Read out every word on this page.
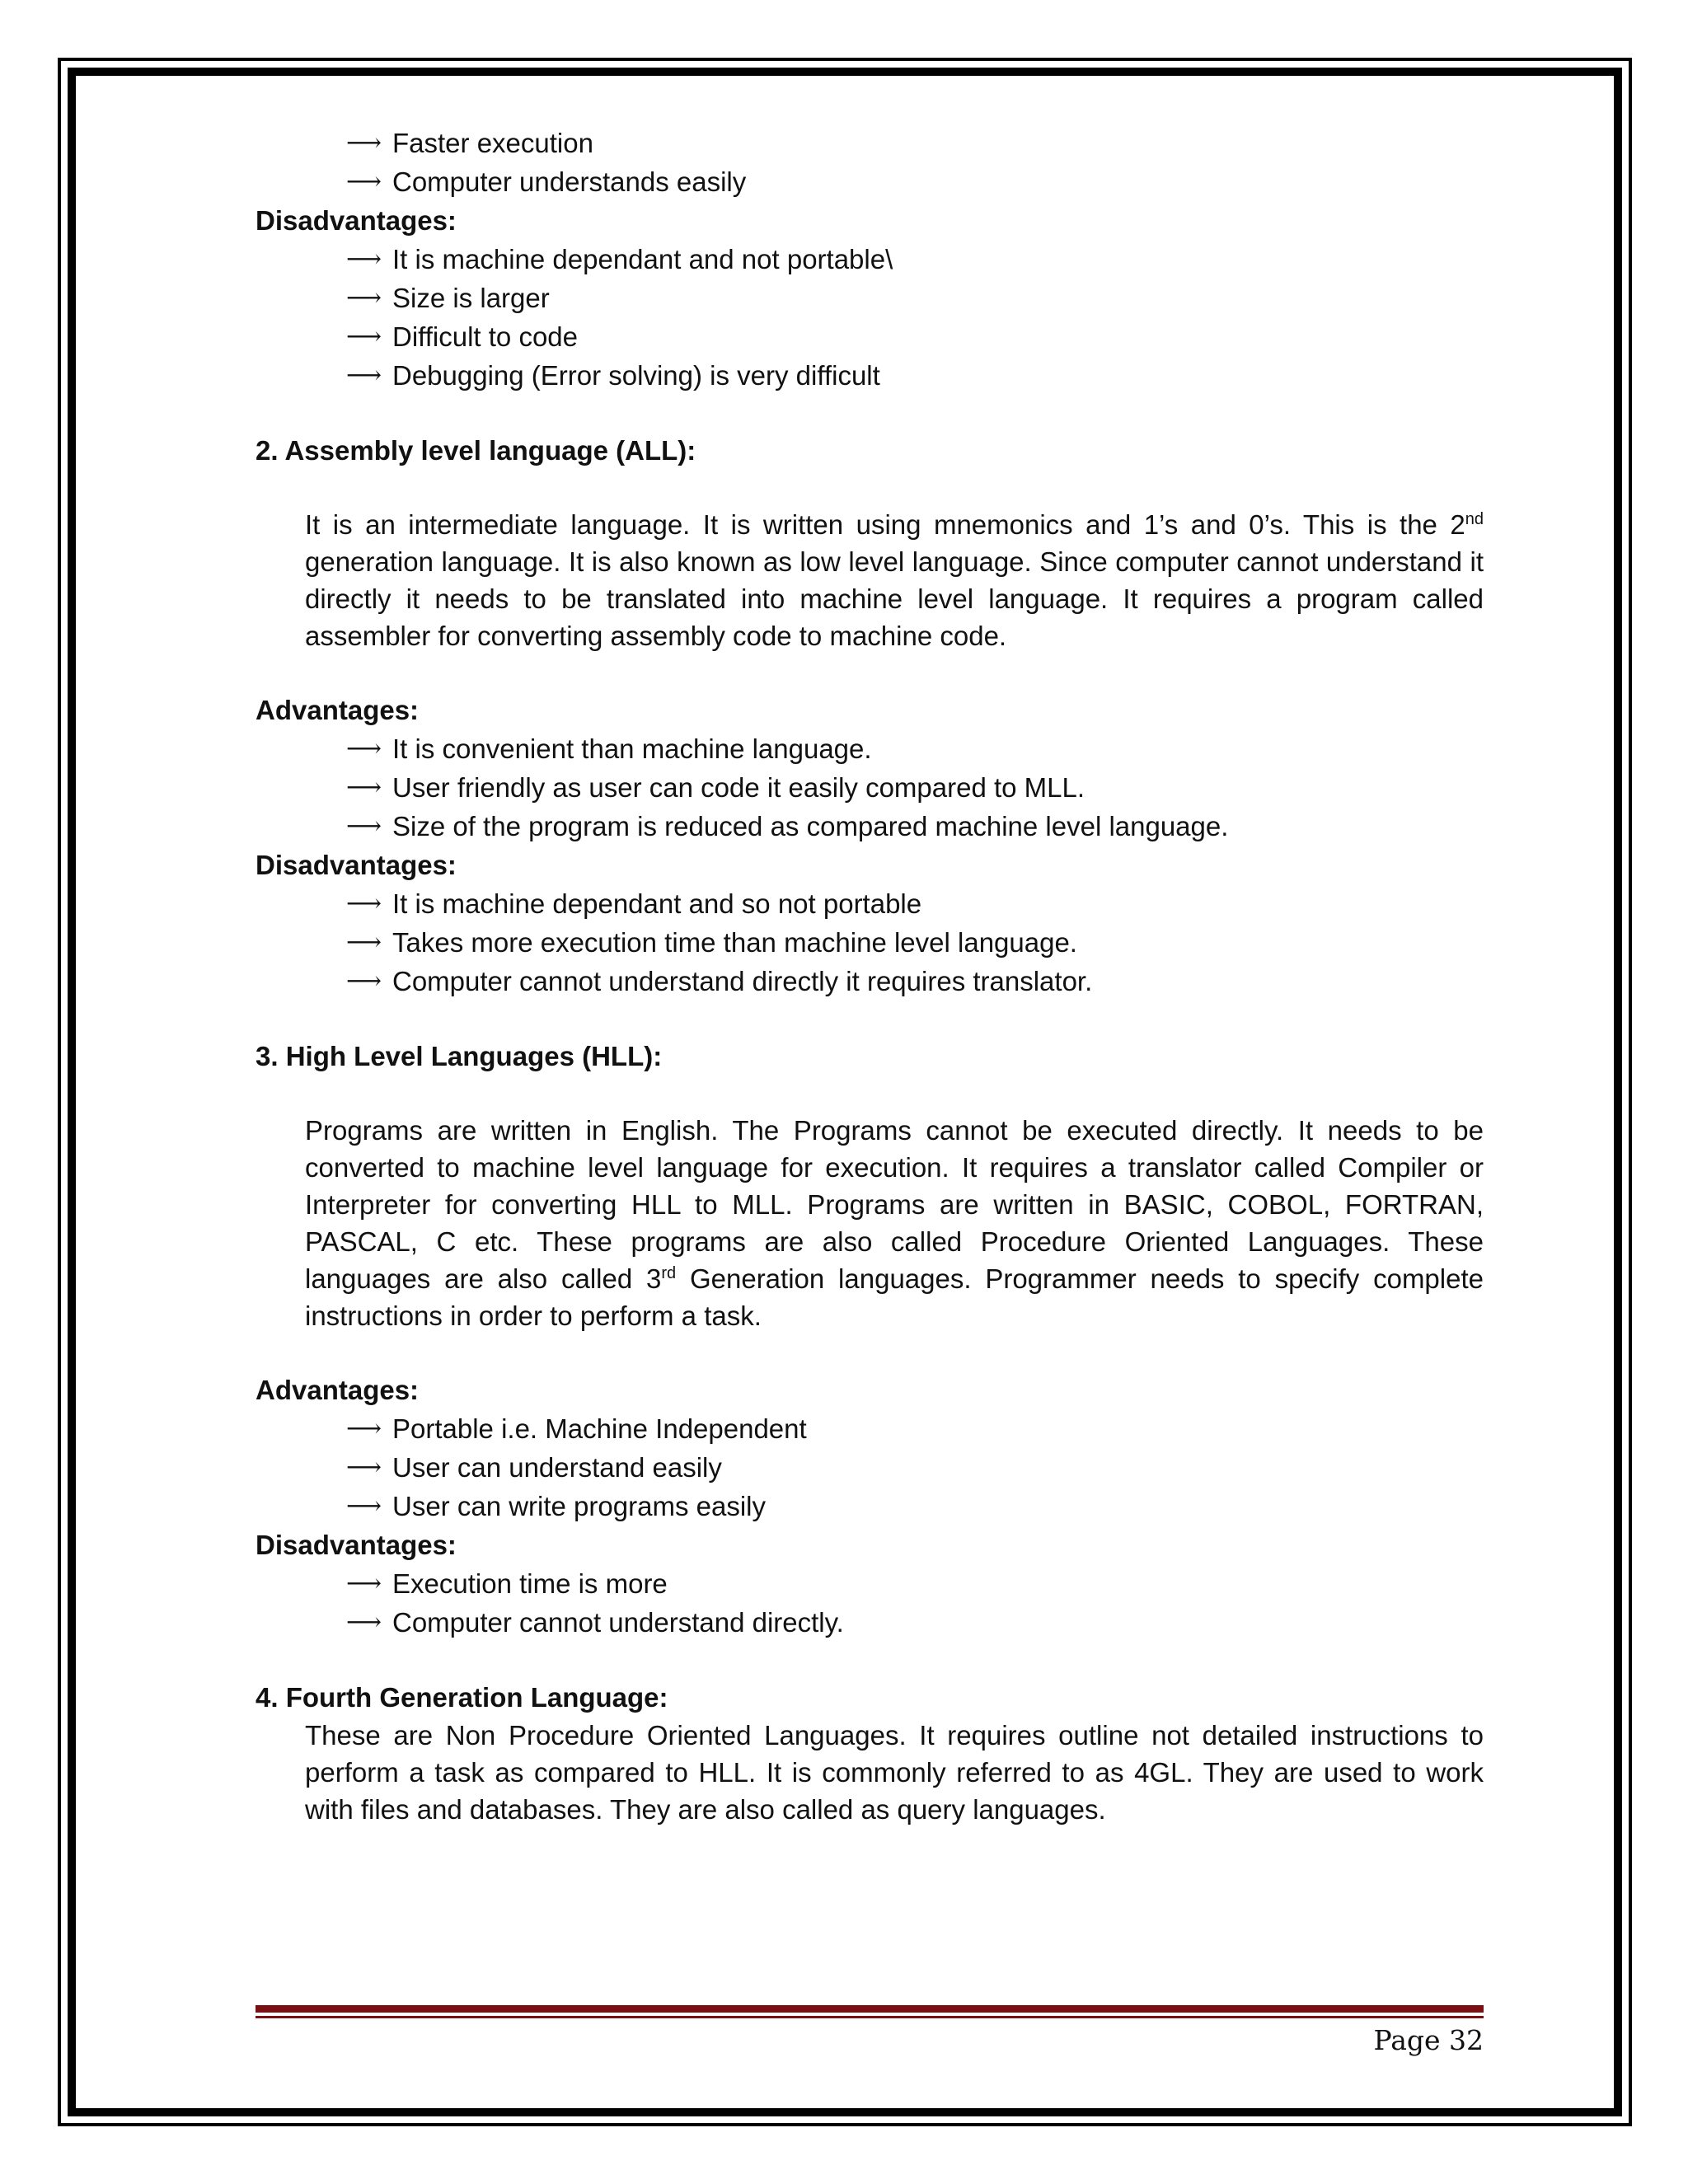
⟶ Faster execution
⟶ Computer understands easily

Disadvantages:

⟶ It is machine dependant and not portable\
⟶ Size is larger
⟶ Difficult to code
⟶ Debugging (Error solving) is very difficult

2. Assembly level language (ALL):

It is an intermediate language. It is written using mnemonics and 1’s and 0’s. This is the 2nd generation language. It is also known as low level language. Since computer cannot understand it directly it needs to be translated into machine level language. It requires a program called assembler for converting assembly code to machine code.

Advantages:

⟶ It is convenient than machine language.
⟶ User friendly as user can code it easily compared to MLL.
⟶ Size of the program is reduced as compared machine level language.

Disadvantages:

⟶ It is machine dependant and so not portable
⟶ Takes more execution time than machine level language.
⟶ Computer cannot understand directly it requires translator.

3. High Level Languages (HLL):

Programs are written in English. The Programs cannot be executed directly. It needs to be converted to machine level language for execution. It requires a translator called Compiler or Interpreter for converting HLL to MLL. Programs are written in BASIC, COBOL, FORTRAN, PASCAL, C etc. These programs are also called Procedure Oriented Languages. These languages are also called 3rd Generation languages. Programmer needs to specify complete instructions in order to perform a task.

Advantages:

⟶ Portable i.e. Machine Independent
⟶ User can understand easily
⟶ User can write programs easily

Disadvantages:

⟶ Execution time is more
⟶ Computer cannot understand directly.

4. Fourth Generation Language:

These are Non Procedure Oriented Languages. It requires outline not detailed instructions to perform a task as compared to HLL. It is commonly referred to as 4GL. They are used to work with files and databases. They are also called as query languages.

Page 32
